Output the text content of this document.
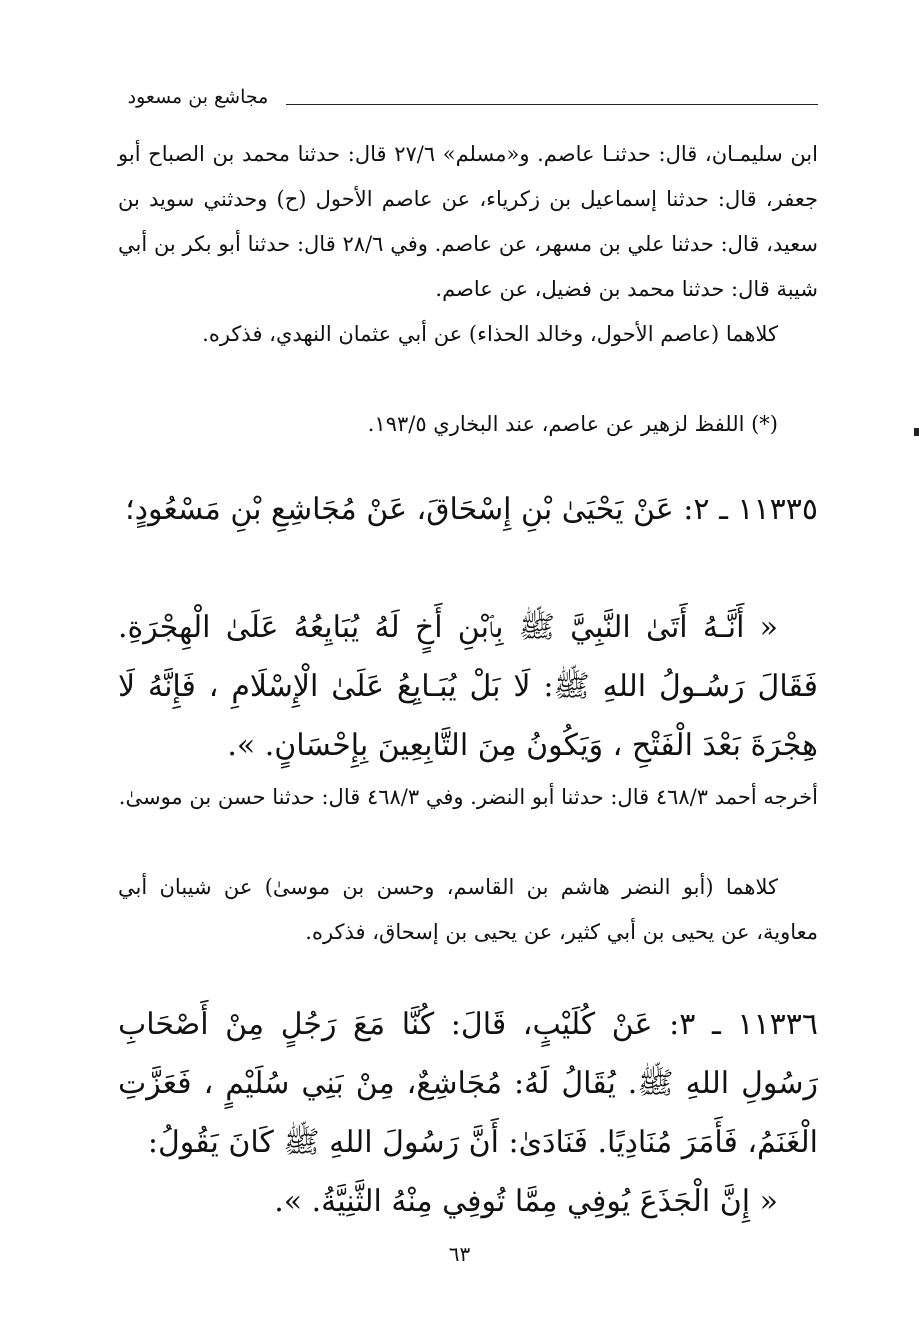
مجاشع بن مسعود
ابن سليمـان، قال: حدثنـا عاصم. و«مسلم» ٢٧/٦ قال: حدثنا محمد بن الصباح أبو جعفر، قال: حدثنا إسماعيل بن زكرياء، عن عاصم الأحول (ح) وحدثني سويد بن سعيد، قال: حدثنا علي بن مسهر، عن عاصم. وفي ٢٨/٦ قال: حدثنا أبو بكر بن أبي شيبة قال: حدثنا محمد بن فضيل، عن عاصم.
كلاهما (عاصم الأحول، وخالد الحذاء) عن أبي عثمان النهدي، فذكره.
(*) اللفظ لزهير عن عاصم، عند البخاري ١٩٣/٥.
١١٣٣٥ ـ ٢: عَنْ يَحْيَىٰ بْنِ إِسْحَاقَ، عَنْ مُجَاشِعِ بْنِ مَسْعُودٍ؛
« أَنَّـهُ أَتَىٰ النَّبِيَّ ﷺ بِٱبْنِ أَخٍ لَهُ يُبَايِعُهُ عَلَىٰ الْهِجْرَةِ. فَقَالَ رَسُـولُ اللهِ ﷺ: لَا بَلْ يُبَـايِعُ عَلَىٰ الْإِسْلَامِ ، فَإِنَّهُ لَا هِجْرَةَ بَعْدَ الْفَتْحِ ، وَيَكُونُ مِنَ التَّابِعِينَ بِإِحْسَانٍ. ».
أخرجه أحمد ٤٦٨/٣ قال: حدثنا أبو النضر. وفي ٤٦٨/٣ قال: حدثنا حسن بن موسىٰ.
كلاهما (أبو النضر هاشم بن القاسم، وحسن بن موسىٰ) عن شيبان أبي معاوية، عن يحيى بن أبي كثير، عن يحيى بن إسحاق، فذكره.
١١٣٣٦ ـ ٣: عَنْ كُلَيْبٍ، قَالَ: كُنَّا مَعَ رَجُلٍ مِنْ أَصْحَابِ رَسُولِ اللهِ ﷺ. يُقَالُ لَهُ: مُجَاشِعٌ، مِنْ بَنِي سُلَيْمٍ ، فَعَزَّتِ الْغَنَمُ، فَأَمَرَ مُنَادِيًا. فَنَادَىٰ: أَنَّ رَسُولَ اللهِ ﷺ كَانَ يَقُولُ:
« إِنَّ الْجَذَعَ يُوفِي مِمَّا تُوفِي مِنْهُ الثَّنِيَّةُ. ».
٦٣
